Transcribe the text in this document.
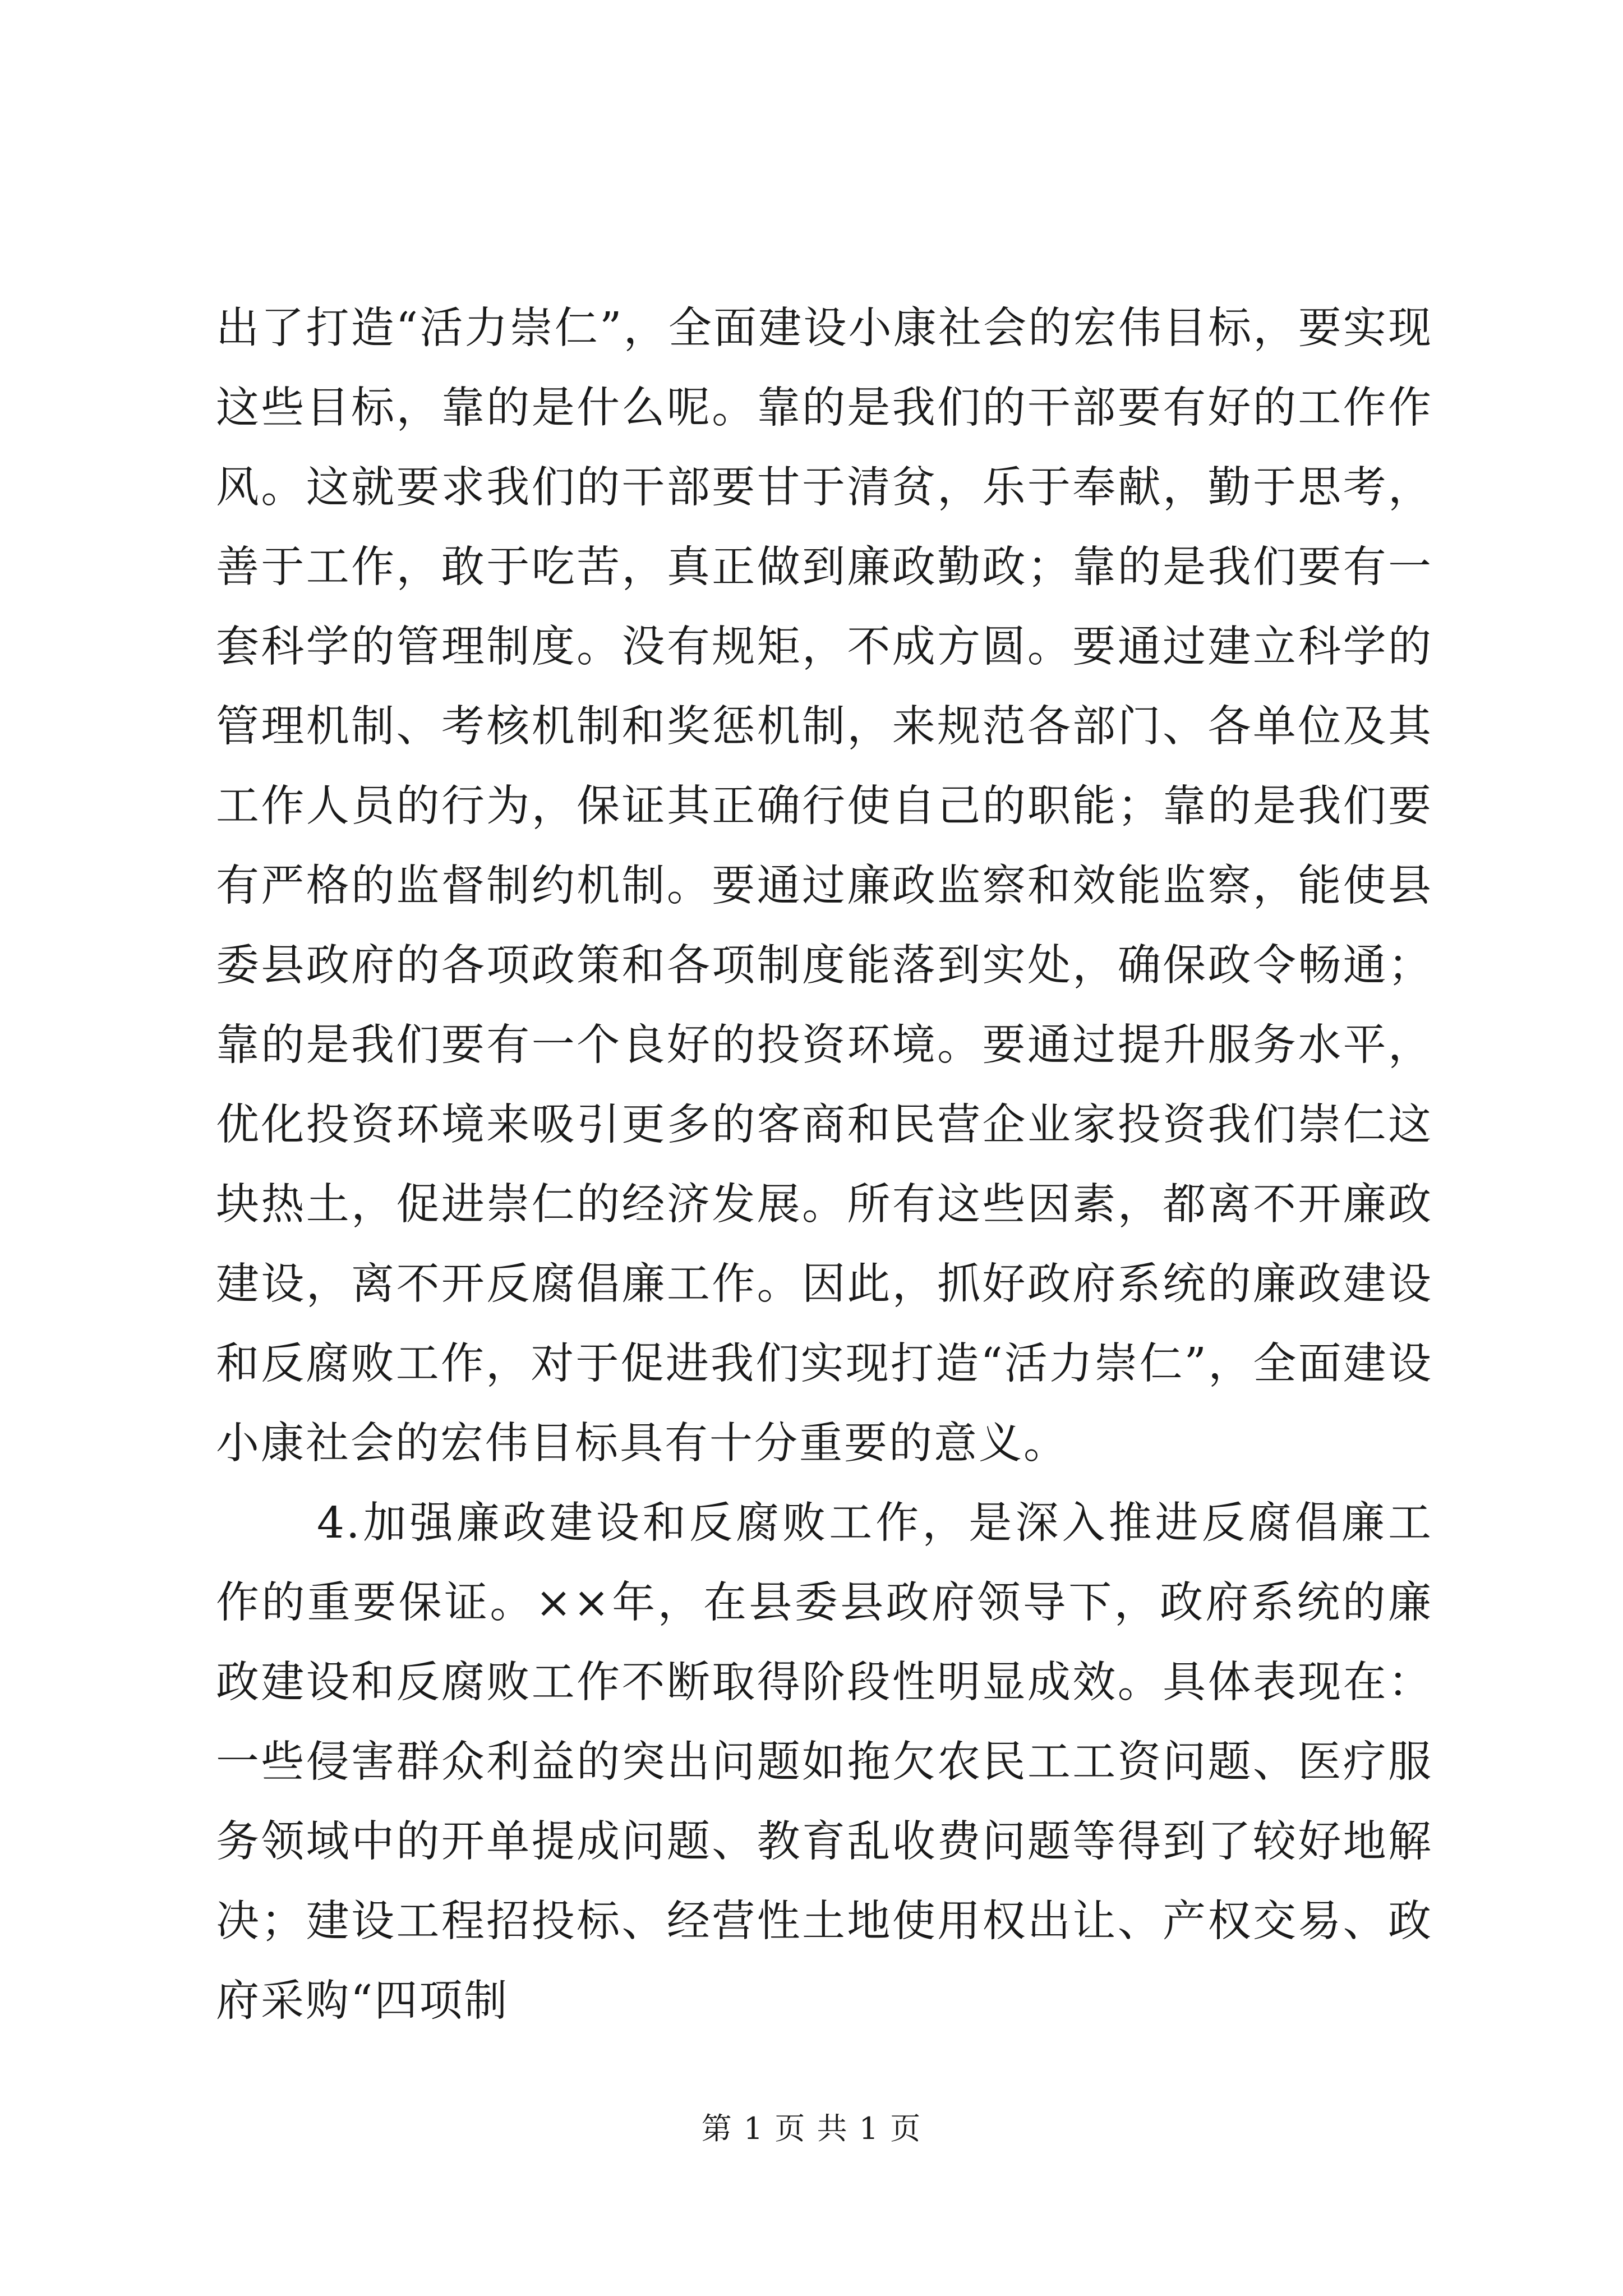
出了打造“活力崇仁”，全面建设小康社会的宏伟目标，要实现这些目标，靠的是什么呢。靠的是我们的干部要有好的工作作风。这就要求我们的干部要甘于清贫，乐于奉献，勤于思考，善于工作，敢于吃苦，真正做到廉政勤政；靠的是我们要有一套科学的管理制度。没有规矩，不成方圆。要通过建立科学的管理机制、考核机制和奖惩机制，来规范各部门、各单位及其工作人员的行为，保证其正确行使自己的职能；靠的是我们要有严格的监督制约机制。要通过廉政监察和效能监察，能使县委县政府的各项政策和各项制度能落到实处，确保政令畅通；靠的是我们要有一个良好的投资环境。要通过提升服务水平，优化投资环境来吸引更多的客商和民营企业家投资我们崇仁这块热土，促进崇仁的经济发展。所有这些因素，都离不开廉政建设，离不开反腐倡廉工作。因此，抓好政府系统的廉政建设和反腐败工作，对于促进我们实现打造“活力崇仁”，全面建设小康社会的宏伟目标具有十分重要的意义。

4.加强廉政建设和反腐败工作，是深入推进反腐倡廉工作的重要保证。××年，在县委县政府领导下，政府系统的廉政建设和反腐败工作不断取得阶段性明显成效。具体表现在：一些侵害群众利益的突出问题如拖欠农民工工资问题、医疗服务领域中的开单提成问题、教育乱收费问题等得到了较好地解决；建设工程招投标、经营性土地使用权出让、产权交易、政府采购“四项制

第 1 页 共 1 页
